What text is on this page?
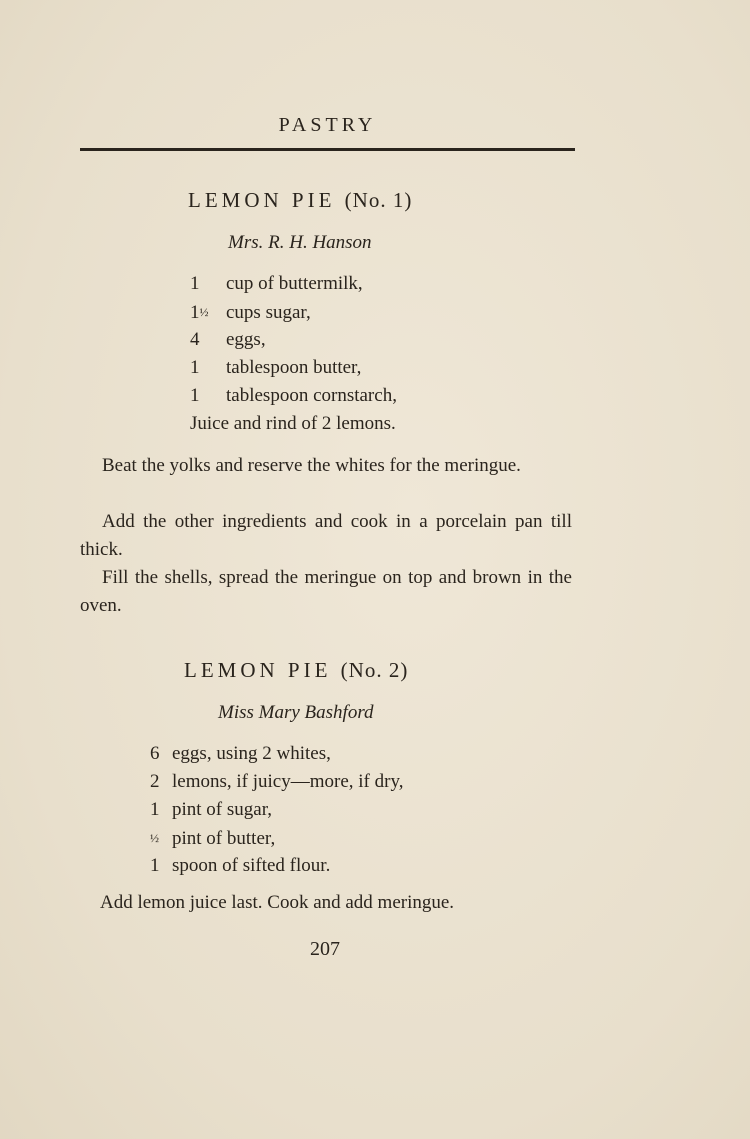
PASTRY
LEMON PIE (No. 1)
Mrs. R. H. Hanson
1 cup of buttermilk,
1½ cups sugar,
4 eggs,
1 tablespoon butter,
1 tablespoon cornstarch,
Juice and rind of 2 lemons.

Beat the yolks and reserve the whites for the meringue.

Add the other ingredients and cook in a porcelain pan till thick.

Fill the shells, spread the meringue on top and brown in the oven.

LEMON PIE (No. 2)
Miss Mary Bashford
6 eggs, using 2 whites,
2 lemons, if juicy—more, if dry,
1 pint of sugar,
½ pint of butter,
1 spoon of sifted flour.
Add lemon juice last. Cook and add meringue.
207
